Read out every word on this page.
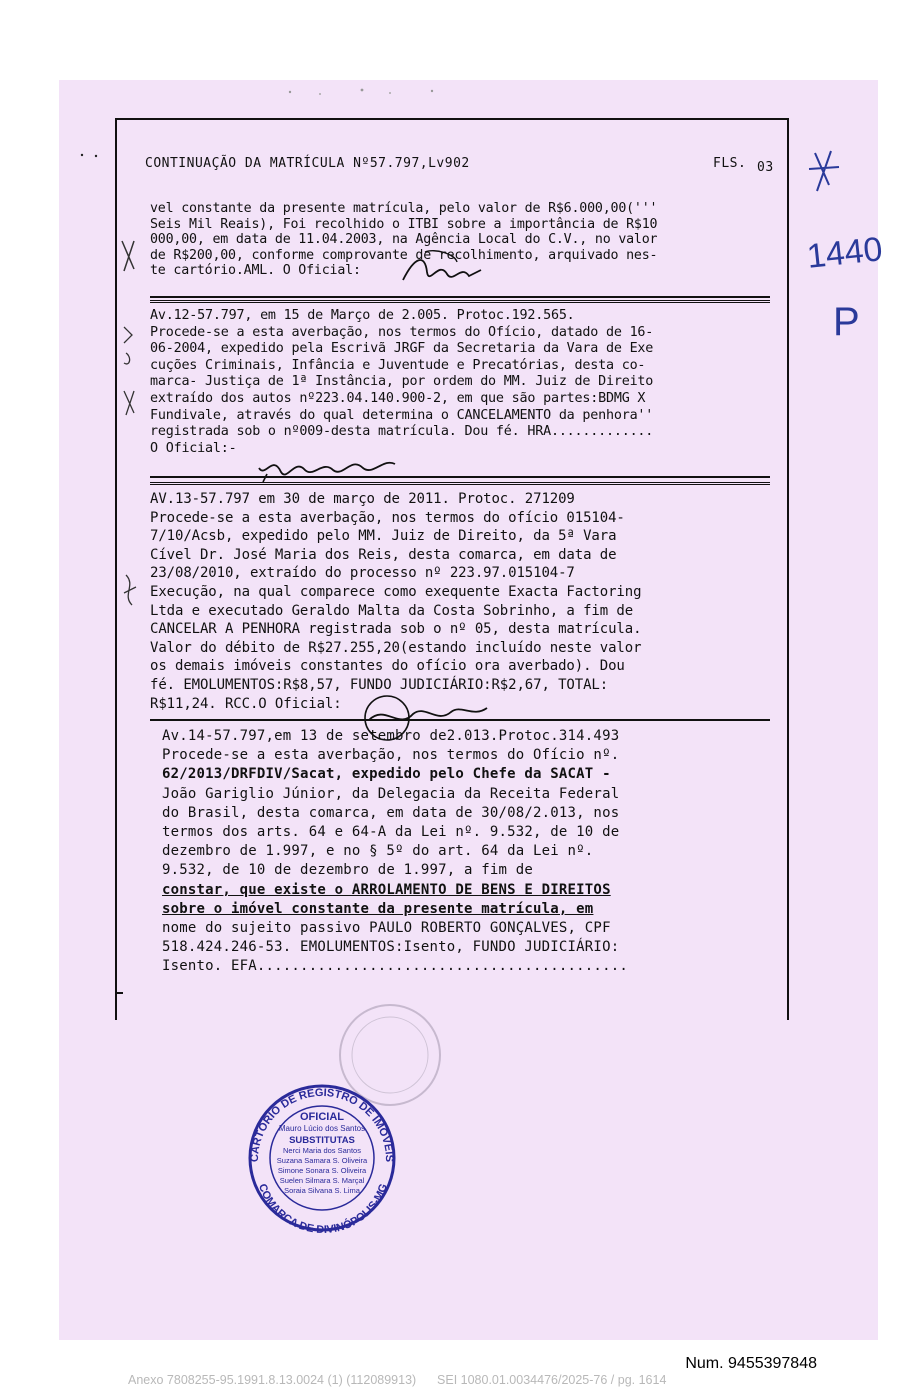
CONTINUAÇÃO DA MATRÍCULA Nº57.797,Lv902	FLS. 03
vel constante da presente matrícula, pelo valor de R$6.000,00('''
Seis Mil Reais), Foi recolhido o ITBI sobre a importância de R$10
000,00, em data de 11.04.2003, na Agência Local do C.V., no valor
de R$200,00, conforme comprovante de recolhimento, arquivado nes-
te cartório.AML. O Oficial:
Av.12-57.797, em 15 de Março de 2.005. Protoc.192.565.
Procede-se a esta averbação, nos termos do Ofício, datado de 16-
06-2004, expedido pela Escrivã JRGF da Secretaria da Vara de Exe
cuções Criminais, Infância e Juventude e Precatórias, desta co-
marca- Justiça de 1ª Instância, por ordem do MM. Juiz de Direito
extraído dos autos nº223.04.140.900-2, em que são partes:BDMG X
Fundivale, através do qual determina o CANCELAMENTO da penhora''
registrada sob o nº009-desta matrícula. Dou fé. HRA.............
O Oficial:-
AV.13-57.797 em 30 de março de 2011. Protoc. 271209
Procede-se a esta averbação, nos termos do ofício 015104-
7/10/Acsb, expedido pelo MM. Juiz de Direito, da 5ª Vara
Cível Dr. José Maria dos Reis, desta comarca, em data de
23/08/2010, extraído do processo nº 223.97.015104-7
Execução, na qual comparece como exequente Exacta Factoring
Ltda e executado Geraldo Malta da Costa Sobrinho, a fim de
CANCELAR A PENHORA registrada sob o nº 05, desta matrícula.
Valor do débito de R$27.255,20(estando incluído neste valor
os demais imóveis constantes do ofício ora averbado). Dou
fé. EMOLUMENTOS:R$8,57, FUNDO JUDICIÁRIO:R$2,67, TOTAL:
R$11,24. RCC.O Oficial:
Av.14-57.797,em 13 de setembro de2.013.Protoc.314.493
Procede-se a esta averbação, nos termos do Ofício nº.
62/2013/DRFDIV/Sacat, expedido pelo Chefe da SACAT -
João Gariglio Júnior, da Delegacia da Receita Federal
do Brasil, desta comarca, em data de 30/08/2.013, nos
termos dos arts. 64 e 64-A da Lei nº. 9.532, de 10 de
dezembro de 1.997, e no § 5º do art. 64 da Lei nº.
9.532, de 10 de dezembro de 1.997, a fim de
constar, que existe o ARROLAMENTO DE BENS E DIREITOS
sobre o imóvel constante da presente matrícula, em
nome do sujeito passivo PAULO ROBERTO GONÇALVES, CPF
518.424.246-53. EMOLUMENTOS:Isento, FUNDO JUDICIÁRIO:
Isento. EFA...........................................
1440
P
CARTÓRIO DE REGISTRO DE IMÓVEIS
COMARCA DE DIVINÓPOLIS-MG
OFICIAL
Mauro Lúcio dos Santos
SUBSTITUTAS
Nerci Maria dos Santos
Suzana Samara S. Oliveira
Simone Sonara S. Oliveira
Suelen Silmara S. Marçal
Soraia Silvana S. Lima
Num. 9455397848
Anexo 7808255-95.1991.8.13.0024 (1) (112089913)      SEI 1080.01.0034476/2025-76 / pg. 1614
